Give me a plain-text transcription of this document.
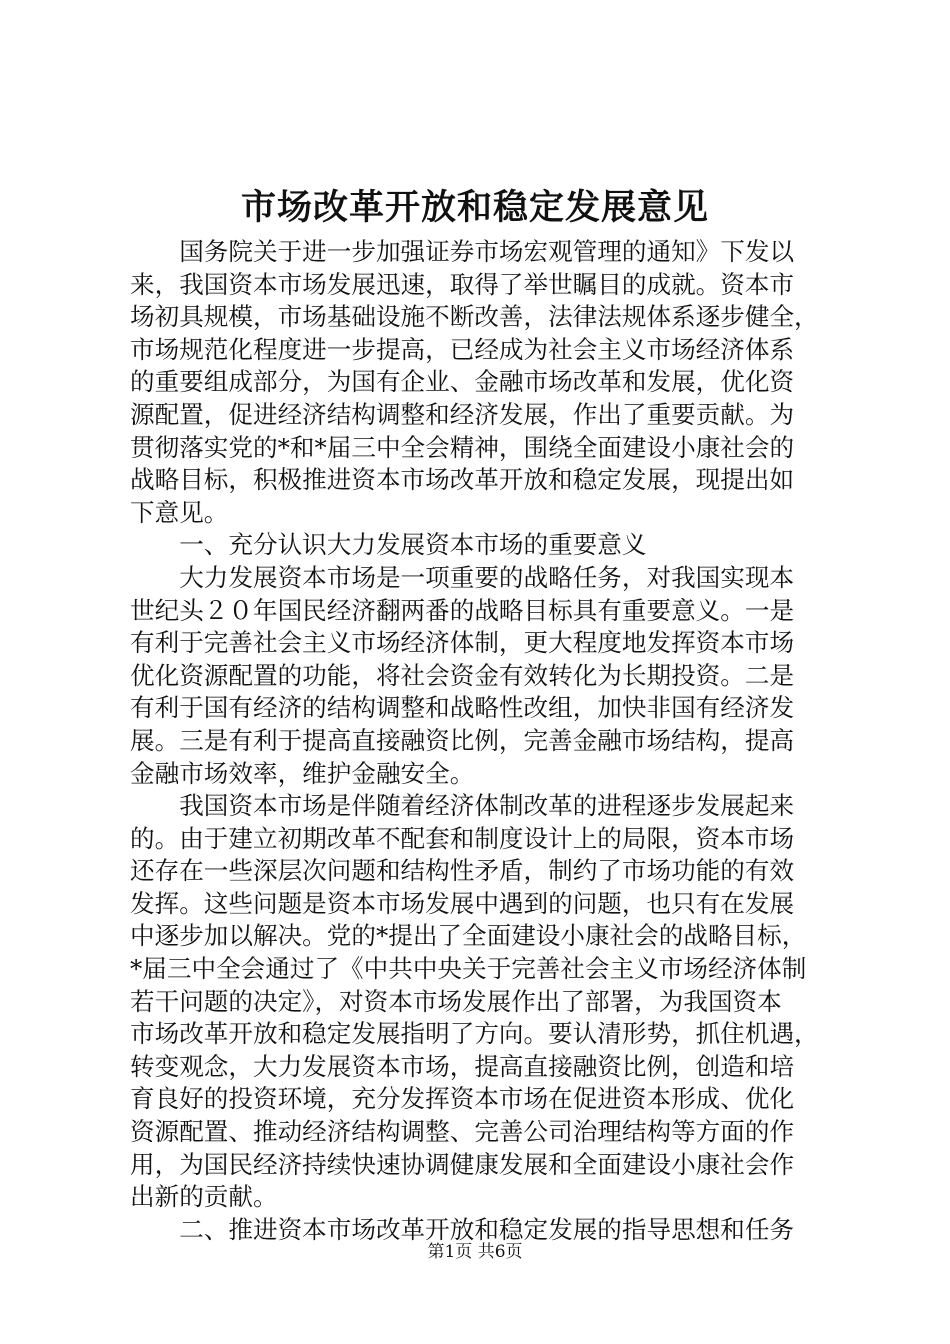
市场改革开放和稳定发展意见
　　国务院关于进一步加强证券市场宏观管理的通知》下发以
来，我国资本市场发展迅速，取得了举世瞩目的成就。资本市
场初具规模，市场基础设施不断改善，法律法规体系逐步健全，
市场规范化程度进一步提高，已经成为社会主义市场经济体系
的重要组成部分，为国有企业、金融市场改革和发展，优化资
源配置，促进经济结构调整和经济发展，作出了重要贡献。为
贯彻落实党的*和*届三中全会精神，围绕全面建设小康社会的
战略目标，积极推进资本市场改革开放和稳定发展，现提出如
下意见。
　　一、充分认识大力发展资本市场的重要意义
　　大力发展资本市场是一项重要的战略任务，对我国实现本
世纪头２０年国民经济翻两番的战略目标具有重要意义。一是
有利于完善社会主义市场经济体制，更大程度地发挥资本市场
优化资源配置的功能，将社会资金有效转化为长期投资。二是
有利于国有经济的结构调整和战略性改组，加快非国有经济发
展。三是有利于提高直接融资比例，完善金融市场结构，提高
金融市场效率，维护金融安全。
　　我国资本市场是伴随着经济体制改革的进程逐步发展起来
的。由于建立初期改革不配套和制度设计上的局限，资本市场
还存在一些深层次问题和结构性矛盾，制约了市场功能的有效
发挥。这些问题是资本市场发展中遇到的问题，也只有在发展
中逐步加以解决。党的*提出了全面建设小康社会的战略目标，
*届三中全会通过了《中共中央关于完善社会主义市场经济体制
若干问题的决定》，对资本市场发展作出了部署，为我国资本
市场改革开放和稳定发展指明了方向。要认清形势，抓住机遇，
转变观念，大力发展资本市场，提高直接融资比例，创造和培
育良好的投资环境，充分发挥资本市场在促进资本形成、优化
资源配置、推动经济结构调整、完善公司治理结构等方面的作
用，为国民经济持续快速协调健康发展和全面建设小康社会作
出新的贡献。
　　二、推进资本市场改革开放和稳定发展的指导思想和任务
第1页 共6页
